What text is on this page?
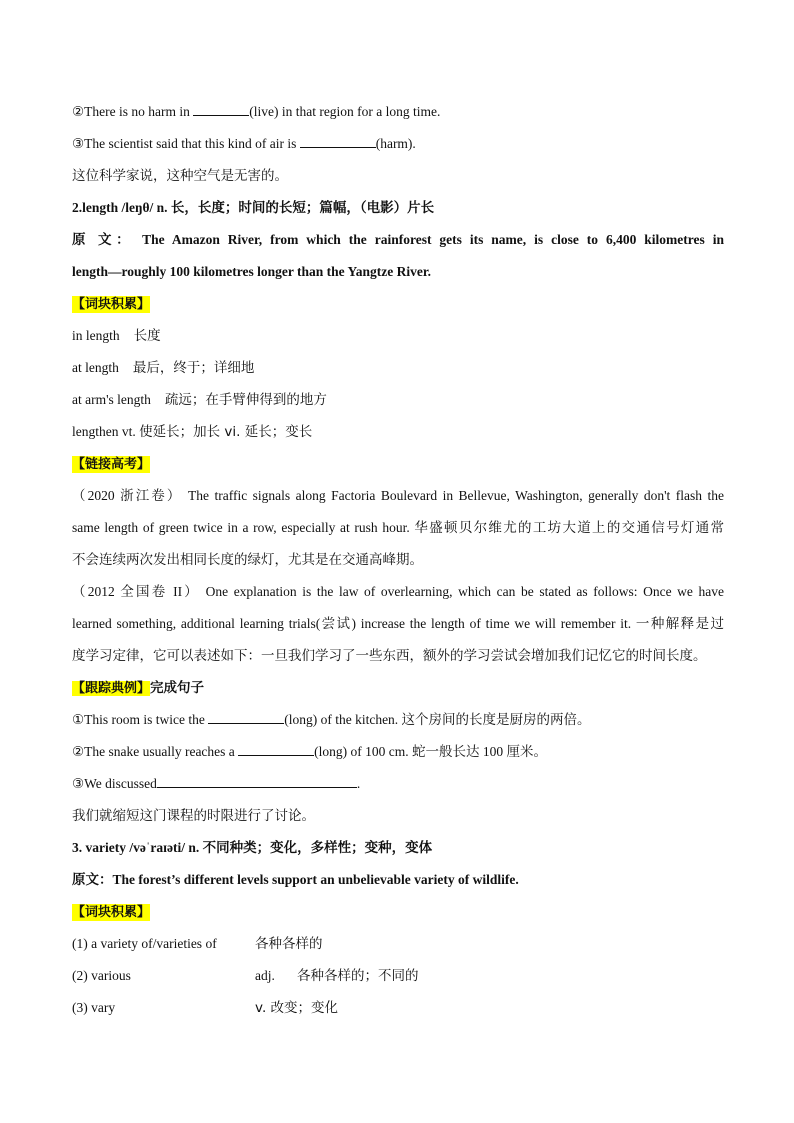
②There is no harm in	(live) in that region for a long time.
③The scientist said that this kind of air is	(harm).
这位科学家说，这种空气是无害的。
2.length /leŋθ/ n. 长，长度；时间的长短；篇幅，（电影）片长
原 文： The Amazon River, from which the rainforest gets its name, is close to 6,400 kilometres in
length—roughly 100 kilometres longer than the Yangtze River.
【词块积累】
in length 长度
at length 最后，终于；详细地
at arm's length 疏远；在手臂伸得到的地方
lengthen vt. 使延长；加长 vi. 延长；变长
【链接高考】
（2020 浙江卷） The traffic signals along Factoria Boulevard in Bellevue, Washington, generally don't flash the
same length of green twice in a row, especially at rush hour. 华盛顿贝尔维尤的工坊大道上的交通信号灯通常
不会连续两次发出相同长度的绿灯，尤其是在交通高峰期。
（2012 全国卷 II） One explanation is the law of overlearning, which can be stated as follows: Once we have
learned something, additional learning trials(尝试) increase the length of time we will remember it. 一种解释是过
度学习定律，它可以表述如下：一旦我们学习了一些东西，额外的学习尝试会增加我们记忆它的时间长度。
【跟踪典例】完成句子
①This room is twice the	(long) of the kitchen. 这个房间的长度是厨房的两倍。
②The snake usually reaches a	(long) of 100 cm. 蛇一般长达 100 厘米。
③We discussed	.
我们就缩短这门课程的时限进行了讨论。
3. variety /vəˈraɪəti/ n. 不同种类；变化，多样性；变种，变体
原文：The forest’s different levels support an unbelievable variety of wildlife.
【词块积累】
(1) a variety of/varieties of	各种各样的
(2) various	adj. 各种各样的；不同的
(3) vary	v. 改变；变化
